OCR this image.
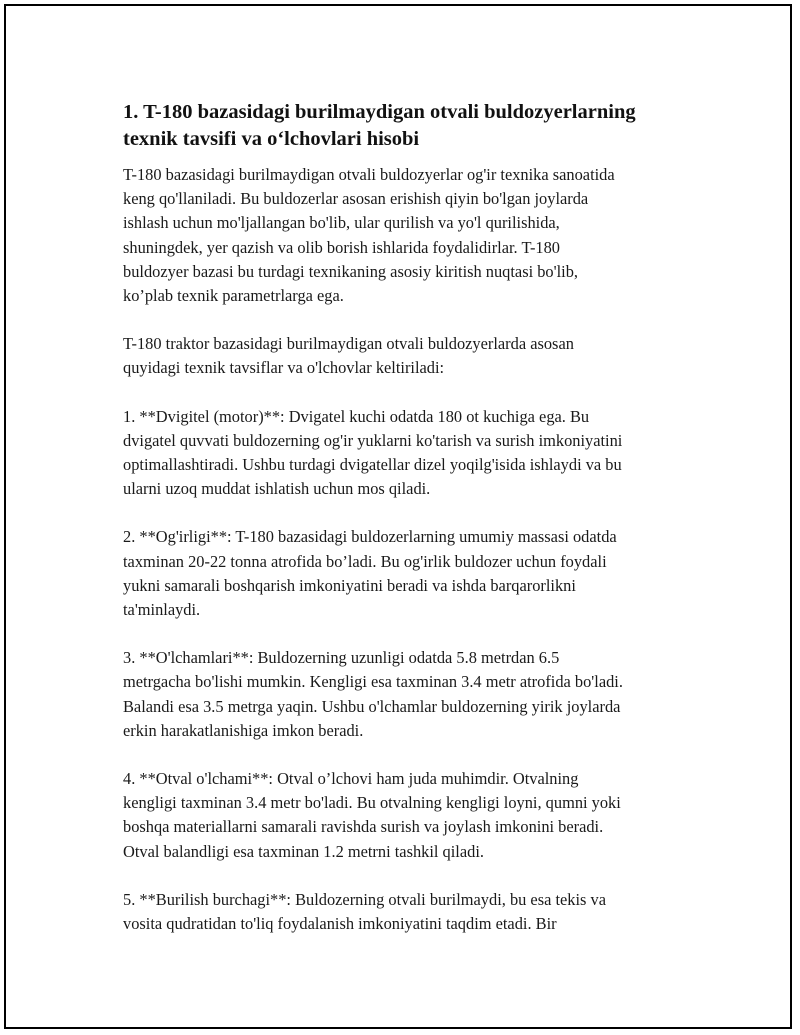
1. T-180 bazasidagi burilmaydigan otvali buldozyerlarning
texnik tavsifi va o‘lchovlari hisobi

T-180 bazasidagi burilmaydigan otvali buldozyerlar og'ir texnika sanoatida
keng qo'llaniladi. Bu buldozerlar asosan erishish qiyin bo'lgan joylarda
ishlash uchun mo'ljallangan bo'lib, ular qurilish va yo'l qurilishida,
shuningdek, yer qazish va olib borish ishlarida foydalidirlar. T-180
buldozyer bazasi bu turdagi texnikaning asosiy kiritish nuqtasi bo'lib,
ko’plab texnik parametrlarga ega.

T-180 traktor bazasidagi burilmaydigan otvali buldozyerlarda asosan
quyidagi texnik tavsiflar va o'lchovlar keltiriladi:

1. **Dvigitel (motor)**: Dvigatel kuchi odatda 180 ot kuchiga ega. Bu
dvigatel quvvati buldozerning og'ir yuklarni ko'tarish va surish imkoniyatini
optimallashtiradi. Ushbu turdagi dvigatellar dizel yoqilg'isida ishlaydi va bu
ularni uzoq muddat ishlatish uchun mos qiladi.

2. **Og'irligi**: T-180 bazasidagi buldozerlarning umumiy massasi odatda
taxminan 20-22 tonna atrofida bo’ladi. Bu og'irlik buldozer uchun foydali
yukni samarali boshqarish imkoniyatini beradi va ishda barqarorlikni
ta'minlaydi.

3. **O'lchamlari**: Buldozerning uzunligi odatda 5.8 metrdan 6.5
metrgacha bo'lishi mumkin. Kengligi esa taxminan 3.4 metr atrofida bo'ladi.
Balandi esa 3.5 metrga yaqin. Ushbu o'lchamlar buldozerning yirik joylarda
erkin harakatlanishiga imkon beradi.

4. **Otval o'lchami**: Otval o’lchovi ham juda muhimdir. Otvalning
kengligi taxminan 3.4 metr bo'ladi. Bu otvalning kengligi loyni, qumni yoki
boshqa materiallarni samarali ravishda surish va joylash imkonini beradi.
Otval balandligi esa taxminan 1.2 metrni tashkil qiladi.

5. **Burilish burchagi**: Buldozerning otvali burilmaydi, bu esa tekis va
vosita qudratidan to'liq foydalanish imkoniyatini taqdim etadi. Bir
